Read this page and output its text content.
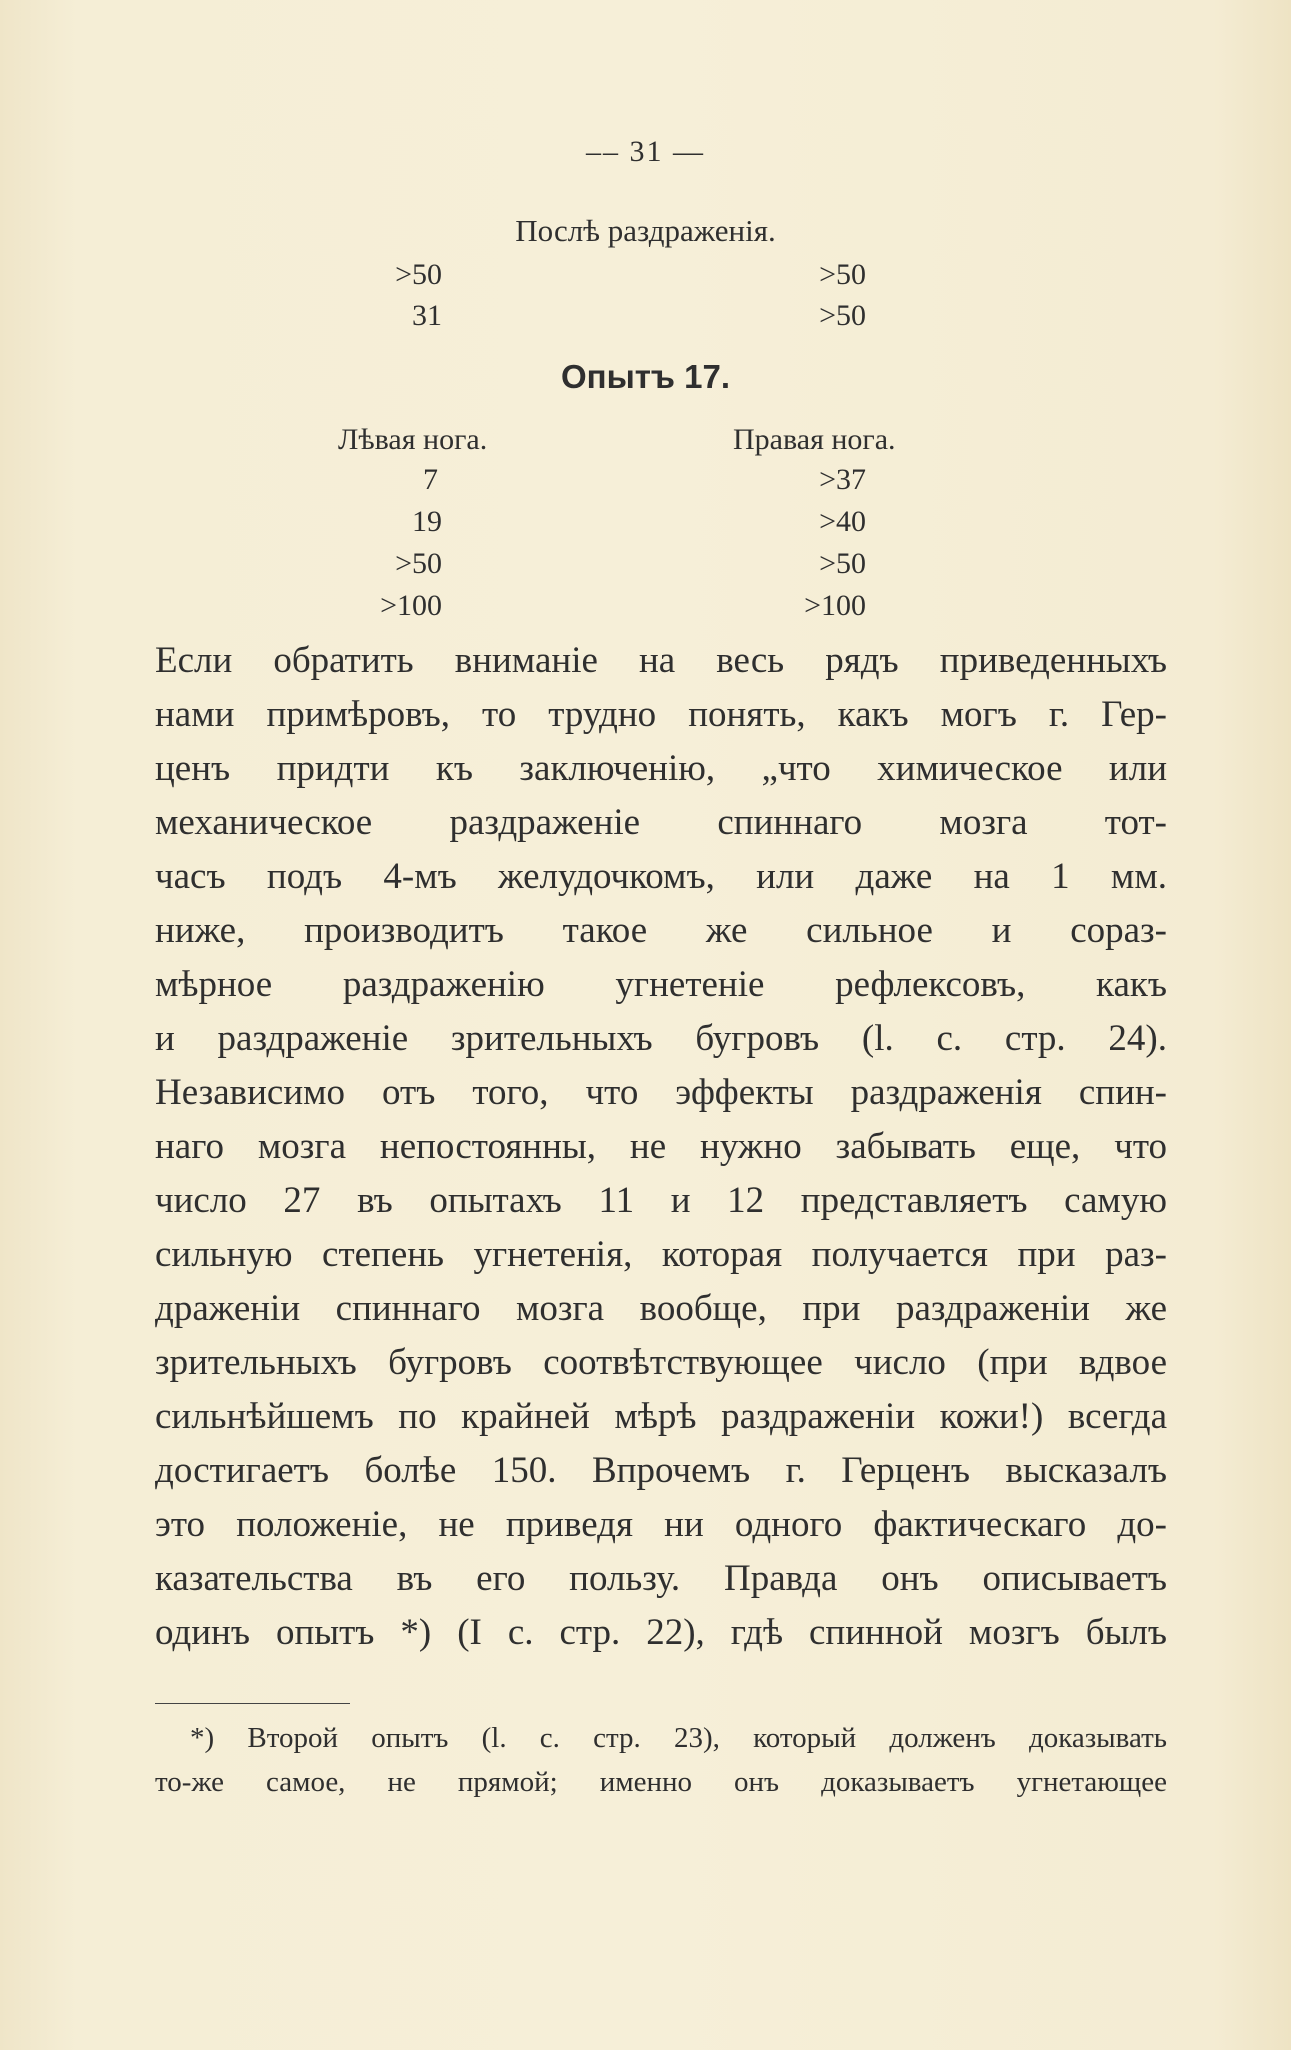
–– 31 —
Послѣ раздраженія.
>50	>50
31	>50
Опытъ 17.
Лѣвая нога.	Правая нога.
7	>37
19	>40
>50	>50
>100	>100
Если обратить вниманіе на весь рядъ приведенныхъ
нами примѣровъ, то трудно понять, какъ могъ г. Гер-
ценъ придти къ заключенію, „что химическое или
механическое раздраженіе спиннаго мозга тот-
часъ подъ 4-мъ желудочкомъ, или даже на 1 мм.
ниже, производитъ такое же сильное и сораз-
мѣрное раздраженію угнетеніе рефлексовъ, какъ
и раздраженіе зрительныхъ бугровъ (l. c. стр. 24).
Независимо отъ того, что эффекты раздраженія спин-
наго мозга непостоянны, не нужно забывать еще, что
число 27 въ опытахъ 11 и 12 представляетъ самую
сильную степень угнетенія, которая получается при раз-
драженіи спиннаго мозга вообще, при раздраженіи же
зрительныхъ бугровъ соотвѣтствующее число (при вдвое
сильнѣйшемъ по крайней мѣрѣ раздраженіи кожи!) всегда
достигаетъ болѣе 150. Впрочемъ г. Герценъ высказалъ
это положеніе, не приведя ни одного фактическаго до-
казательства въ его пользу. Правда онъ описываетъ
одинъ опытъ *) (I с. стр. 22), гдѣ спинной мозгъ былъ
*) Второй опытъ (l. c. стр. 23), который долженъ доказывать
то-же самое, не прямой; именно онъ доказываетъ угнетающее
